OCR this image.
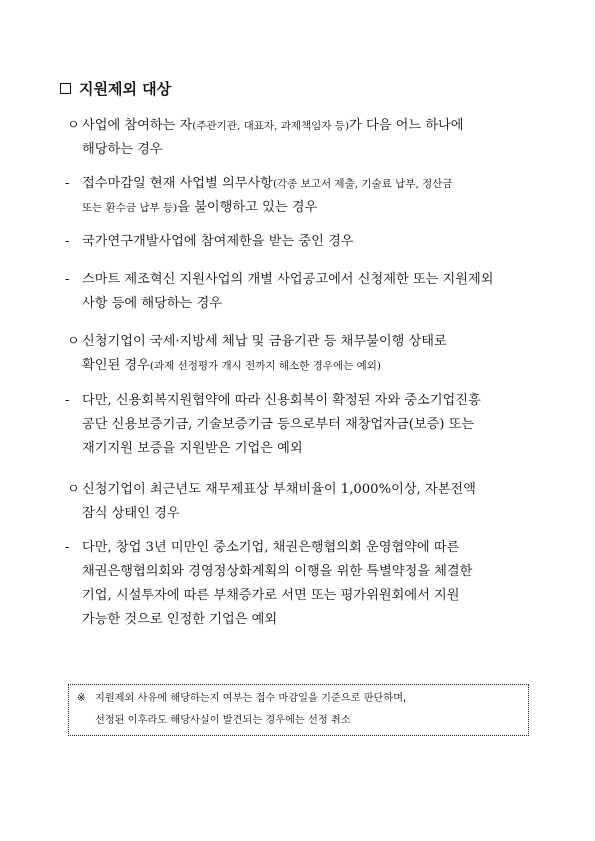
지원제외 대상
ㅇ 사업에 참여하는 자(주관기관, 대표자, 과제책임자 등)가 다음 어느 하나에
해당하는 경우
- 접수마감일 현재 사업별 의무사항(각종 보고서 제출, 기술료 납부, 정산금
또는 환수금 납부 등)을 불이행하고 있는 경우
- 국가연구개발사업에 참여제한을 받는 중인 경우
- 스마트 제조혁신 지원사업의 개별 사업공고에서 신청제한 또는 지원제외
사항 등에 해당하는 경우
ㅇ 신청기업이 국세·지방세 체납 및 금융기관 등 채무불이행 상태로
확인된 경우(과제 선정평가 개시 전까지 해소한 경우에는 예외)
- 다만, 신용회복지원협약에 따라 신용회복이 확정된 자와 중소기업진흥
공단 신용보증기금, 기술보증기금 등으로부터 재창업자금(보증) 또는
재기지원 보증을 지원받은 기업은 예외
ㅇ 신청기업이 최근년도 재무제표상 부채비율이 1,000%이상, 자본전액
잠식 상태인 경우
- 다만, 창업 3년 미만인 중소기업, 채권은행협의회 운영협약에 따른
채권은행협의회와 경영정상화계획의 이행을 위한 특별약정을 체결한
기업, 시설투자에 따른 부채증가로 서면 또는 평가위원회에서 지원
가능한 것으로 인정한 기업은 예외
※ 지원제외 사유에 해당하는지 여부는 접수 마감일을 기준으로 판단하며,
선정된 이후라도 해당사실이 발견되는 경우에는 선정 취소
